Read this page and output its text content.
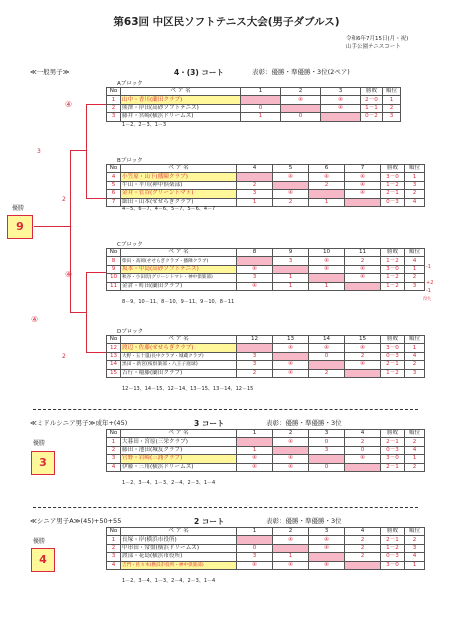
第63回 中区民ソフトテニス大会(男子ダブルス)
令和6年7月15日(月・祝)
山手公園テニスコート
≪一般男子≫	4・(3) コート	表彰：優勝・準優勝・3位(2ペア)
④
2
3
④
2
④
優勝
9
Aブロック
No	ペ ア 名	1	2	3	勝敗	順位
1	山中・香川(蘭田クラブ)		④	④	2－0	1
2	熊澤・岸田(高砂ソフトテニス)	0		④	1－1	2
3	藤井・宮崎(横浜ドリームズ)	1	0		0－2	3
1－2、2－3、1－3
Bブロック
No	ペ ア 名	4	5	6	7	勝敗	順位
4	小笠原・山下(播陳クラブ)		④	④	④	3－0	1
5	牛山・平川(神中倶楽部)	2		2	④	1－2	3
6	金井・菅谷(グリーントマト)	3	④		④	2－1	2
7	細田・山本(せせらぎクラブ)	1	2	1		0－3	4
4－5、6－7、4－6、5－7、5－6、4－7
Cブロック
No	ペ ア 名	8	9	10	11	勝敗	順位
8	柴田・高岡(せせらぎクラブ・播陳クラブ)		3	④	2	1－2	4
9	坂本・中島(高砂ソフトテニス)	④		④	④	3－0	1
10	秋谷・小田切(グリーントマト・神中倶楽部)	3	1		④	1－2	2
11	金倉・町田(蘭田クラブ)	④	1	1		1－2	3
-1
+2
-1
得失
8－9、10－11、8－10、9－11、9－10、8－11
Dブロック
No	ペ ア 名	12	13	14	15	勝敗	順位
12	渡辺・佐藤(せせらぎクラブ)		④	④	④	3－0	1
13	大野・五十嵐(長中クラブ・城蔵クラブ)	3		0	2	0－3	4
14	黒田・新宮(桜倶楽部・八王子庭球)	3	④		④	2－1	2
15	吉行・稲藤(蘭田クラブ)	2	④	2		1－2	3
12－13、14－15、12－14、13－15、13－14、12－15
≪ミドルシニア男子≫成年+(45)	3 コート	表彰：優勝・準優勝・3位
優勝
3
No	ペ ア 名	1	2	3	4	勝敗	順位
1	大暮田・宮原(三栄クラブ)		④	0	2	2－1	2
2	藤田・池田(城友クラブ)	1		3	0	0－3	4
3	官野・岩崎(三浦クラブ)	④	④		④	3－0	1
4	伊藤・三角(横浜ドリームズ)	④	④	0		2－1	2
1－2、3－4、1－3、2－4、2－3、1－4
≪シニア男子A≫(45)+50+55	2 コート	表彰：優勝・準優勝・3位
優勝
4
No	ペ ア 名	1	2	3	4	勝敗	順位
1	長塚・岸(横浜市役所)		④	④	2	2－1	2
2	中串田・常盤(横浜ドリームズ)	0		④	2	1－2	3
3	渡部・花島(横浜市役所)	3	1		2	0－3	4
4	吉門・佐々木(横浜市役所・神中倶楽部)	④	④	④		3－0	1
1－2、3－4、1－3、2－4、2－3、1－4
